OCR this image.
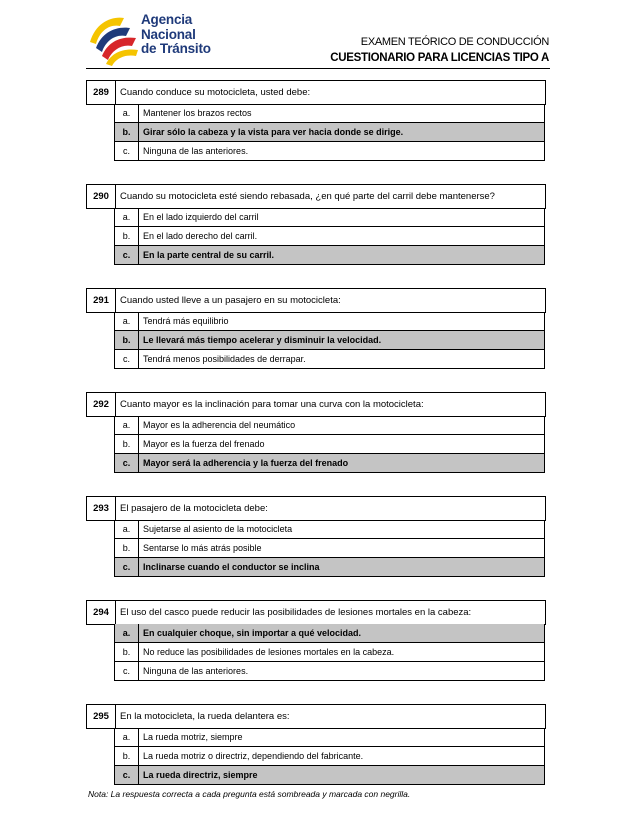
Agencia
Nacional
de Tránsito	EXAMEN TEÓRICO DE CONDUCCIÓN
CUESTIONARIO PARA LICENCIAS TIPO A
289	Cuando conduce su motocicleta, usted debe:
a.	Mantener los brazos rectos
b.	Girar sólo la cabeza y la vista para ver hacia donde se dirige.
c.	Ninguna de las anteriores.
290	Cuando su motocicleta esté siendo rebasada, ¿en qué parte del carril debe mantenerse?
a.	En el lado izquierdo del carril
b.	En el lado derecho del carril.
c.	En la parte central de su carril.
291	Cuando usted lleve a un pasajero en su motocicleta:
a.	Tendrá más equilibrio
b.	Le llevará más tiempo acelerar y disminuir la velocidad.
c.	Tendrá menos posibilidades de derrapar.
292	Cuanto mayor es la inclinación para tomar una curva con la motocicleta:
a.	Mayor es la adherencia del neumático
b.	Mayor es la fuerza del frenado
c.	Mayor será la adherencia y la fuerza del frenado
293	El pasajero de la motocicleta debe:
a.	Sujetarse al asiento de la motocicleta
b.	Sentarse lo más atrás posible
c.	Inclinarse cuando el conductor se inclina
294	El uso del casco puede reducir las posibilidades de lesiones mortales en la cabeza:
a.	En cualquier choque, sin importar a qué velocidad.
b.	No reduce las posibilidades de lesiones mortales en la cabeza.
c.	Ninguna de las anteriores.
295	En la motocicleta, la rueda delantera es:
a.	La rueda motriz, siempre
b.	La rueda motriz o directriz, dependiendo del fabricante.
c.	La rueda directriz, siempre
Nota: La respuesta correcta a cada pregunta está sombreada y marcada con negrilla.
